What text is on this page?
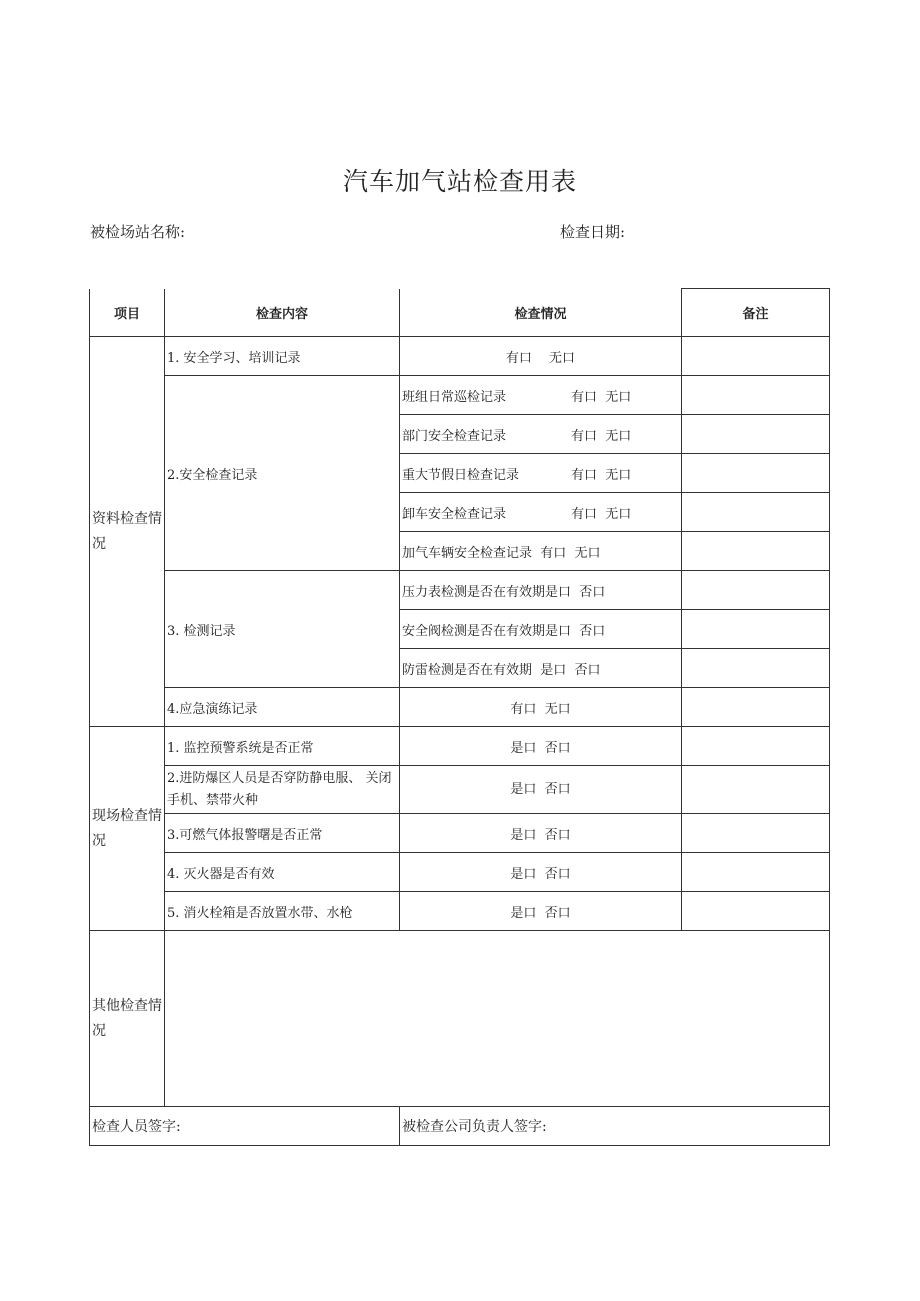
汽车加气站检查用表
被检场站名称:	检查日期:
项目	检查内容	检查情况	备注
资料检查情况	1. 安全学习、培训记录	有口　 无口	
	2.安全检查记录	班组日常巡检记录　　　　　有口  无口	
		部门安全检查记录　　　　　有口  无口	
		重大节假日检查记录　　　　有口  无口	
		卸车安全检查记录　　　　　有口  无口	
		加气车辆安全检查记录  有口  无口	
	3. 检测记录	压力表检测是否在有效期是口  否口	
		安全阀检测是否在有效期是口  否口	
		防雷检测是否在有效期  是口  否口	
	4.应急演练记录	有口  无口	
现场检查情况	1. 监控预警系统是否正常	是口  否口	
	2.进防爆区人员是否穿防静电服、 关闭手机、禁带火种	是口  否口	
	3.可燃气体报警曙是否正常	是口  否口	
	4. 灭火器是否有效	是口  否口	
	5. 消火栓箱是否放置水带、水枪	是口  否口	
其他检查情况			
检查人员签字:		被检查公司负责人签字:	
